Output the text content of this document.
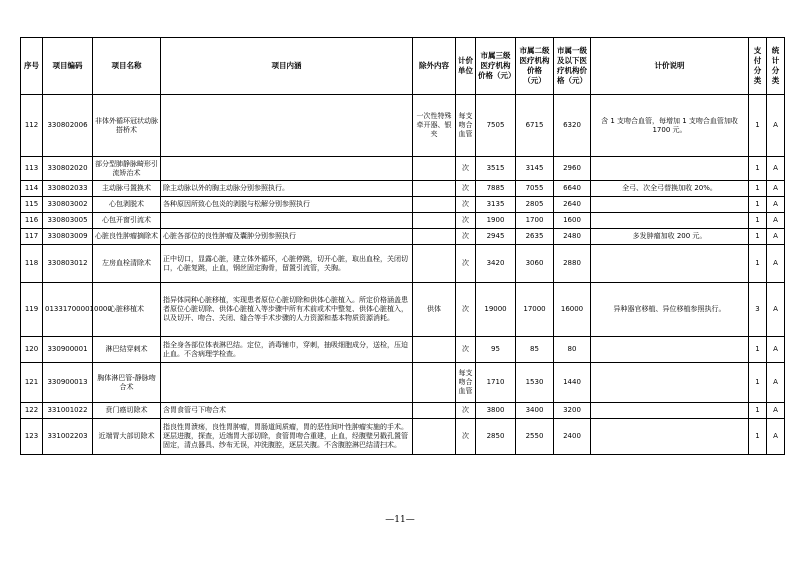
序号	项目编码	项目名称	项目内涵	除外内容	计价单位	市属三级医疗机构价格（元）	市属二级医疗机构价格（元）	市属一级及以下医疗机构价格（元）	计价说明	支付分类	统计分类
112	330802006	非体外循环冠状动脉搭桥术		一次性特殊牵开器、银夹	每支吻合血管	7505	6715	6320	含 1 支吻合血管，每增加 1 支吻合血管加收 1700 元。	1	A
113	330802020	部分型肺静脉畸形引流矫治术			次	3515	3145	2960		1	A
114	330802033	主动脉弓置换术	除主动脉以外的胸主动脉分别参照执行。		次	7885	7055	6640	全弓、次全弓替换加收 20%。	1	A
115	330803002	心包剥脱术	各种原因所致心包炎的剥脱与松解分别参照执行		次	3135	2805	2640		1	A
116	330803005	心包开窗引流术			次	1900	1700	1600		1	A
117	330803009	心脏良性肿瘤摘除术	心脏各部位的良性肿瘤及囊肿分别参照执行		次	2945	2635	2480	多发肿瘤加收 200 元。	1	A
118	330803012	左房血栓清除术	正中切口，显露心脏，建立体外循环，心脏停跳，切开心脏，取出血栓，关闭切口，心脏复跳，止血，钢丝固定胸骨，留置引流管，关胸。		次	3420	3060	2880		1	A
119	013317000010000	心脏移植术	指异体同种心脏移植，实现患者原位心脏切除和供体心脏植入。所定价格涵盖患者原位心脏切除、供体心脏植入等步骤中所有术前或术中整复、供体心脏植入，以及切开、吻合、关闭、缝合等手术步骤的人力资源和基本物质资源消耗。	供体	次	19000	17000	16000	异种器官移植、异位移植参照执行。	3	A
120	330900001	淋巴结穿刺术	指全身各部位体表淋巴结。定位，消毒铺巾，穿刺，抽吸细胞成分，送检，压迫止血。不含病理学检查。		次	95	85	80		1	A
121	330900013	胸体淋巴管-静脉吻合术			每支吻合血管	1710	1530	1440		1	A
122	331001022	贲门癌切除术	含胃食管弓下吻合术		次	3800	3400	3200		1	A
123	331002203	近端胃大部切除术	指良性胃溃疡，良性胃肿瘤，胃肠道间质瘤，胃的恶性间叶性肿瘤实施的手术。逐层进腹，探查，近端胃大部切除，食管胃吻合重建，止血，经腹壁另戳孔置管固定，清点器具、纱布无误，冲洗腹腔，逐层关腹。不含腹腔淋巴结清扫术。		次	2850	2550	2400		1	A
—11—
